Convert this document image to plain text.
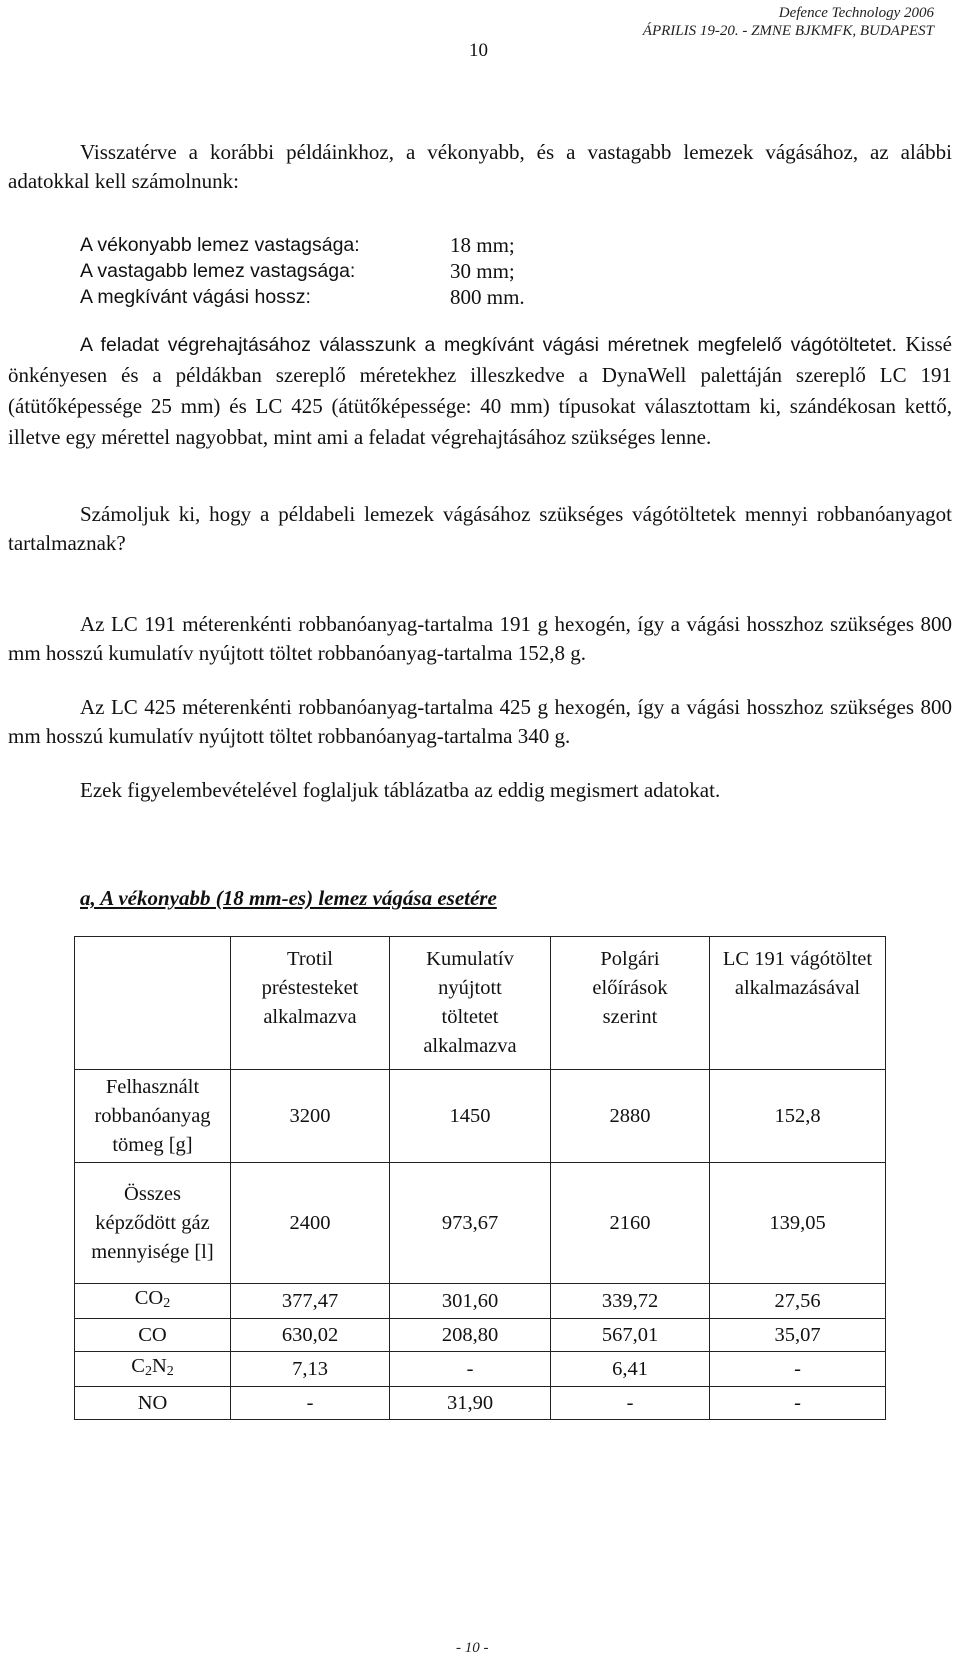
Defence Technology 2006
ÁPRILIS 19-20. - ZMNE BJKMFK, BUDAPEST
10
Visszatérve a korábbi példáinkhoz, a vékonyabb, és a vastagabb lemezek vágásához, az alábbi adatokkal kell számolnunk:
A vékonyabb lemez vastagsága:	18 mm;
A vastagabb lemez vastagsága:	30 mm;
A megkívánt vágási hossz:	800 mm.
A feladat végrehajtásához válasszunk a megkívánt vágási méretnek megfelelő vágótöltetet. Kissé önkényesen és a példákban szereplő méretekhez illeszkedve a DynaWell palettáján szereplő LC 191 (átütőképessége 25 mm) és LC 425 (átütőképessége: 40 mm) típusokat választottam ki, szándékosan kettő, illetve egy mérettel nagyobbat, mint ami a feladat végrehajtásához szükséges lenne.
Számoljuk ki, hogy a példabeli lemezek vágásához szükséges vágótöltetek mennyi robbanóanyagot tartalmaznak?
Az LC 191 méterenkénti robbanóanyag-tartalma 191 g hexogén, így a vágási hosszhoz szükséges 800 mm hosszú kumulatív nyújtott töltet robbanóanyag-tartalma 152,8 g.
Az LC 425 méterenkénti robbanóanyag-tartalma 425 g hexogén, így a vágási hosszhoz szükséges 800 mm hosszú kumulatív nyújtott töltet robbanóanyag-tartalma 340 g.
Ezek figyelembevételével foglaljuk táblázatba az eddig megismert adatokat.
a, A vékonyabb (18 mm-es) lemez vágása esetére
	Trotil préstesteket alkalmazva	Kumulatív nyújtott töltetet alkalmazva	Polgári előírások szerint	LC 191 vágótöltet alkalmazásával
Felhasznált robbanóanyag tömeg [g]	3200	1450	2880	152,8
Összes képződött gáz mennyisége [l]	2400	973,67	2160	139,05
$CO_2$	377,47	301,60	339,72	27,56
CO	630,02	208,80	567,01	35,07
$C_2N_2$	7,13	-	6,41	-
NO	-	31,90	-	-
- 10 -
